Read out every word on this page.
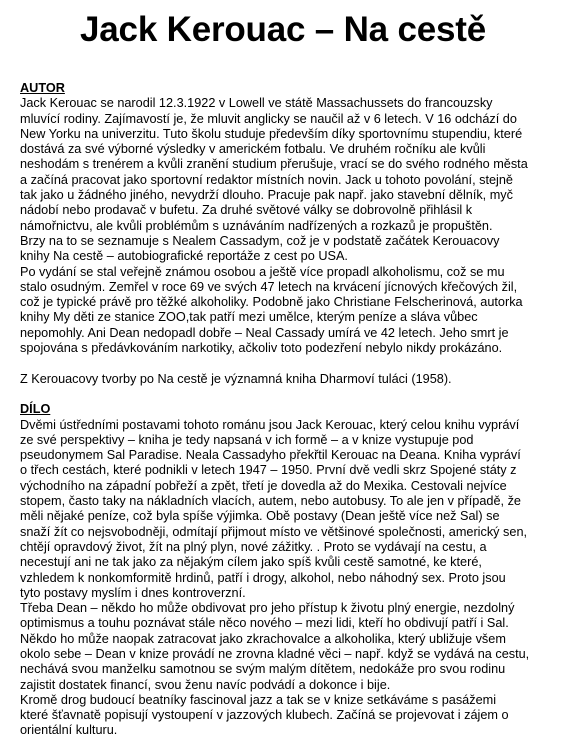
Jack Kerouac – Na cestě
AUTOR
Jack Kerouac se narodil 12.3.1922 v Lowell ve státě Massachussets do francouzsky
mluvící rodiny. Zajímavostí je, že mluvit anglicky se naučil až v 6 letech. V 16 odchází do
New Yorku na univerzitu. Tuto školu studuje především díky sportovnímu stupendiu, které
dostává za své výborné výsledky v americkém fotbalu. Ve druhém ročníku ale kvůli
neshodám s trenérem a kvůli zranění studium přerušuje, vrací se do svého rodného města
a začíná pracovat jako sportovní redaktor místních novin. Jack u tohoto povolání, stejně
tak jako u žádného jiného, nevydrží dlouho. Pracuje pak např. jako stavební dělník, myč
nádobí nebo prodavač v bufetu. Za druhé světové války se dobrovolně přihlásil k
námořnictvu, ale kvůli problémům s uznáváním nadřízených a rozkazů je propuštěn.
Brzy na to se seznamuje s Nealem Cassadym, což je v podstatě začátek Kerouacovy
knihy Na cestě – autobiografické reportáže z cest po USA.
Po vydání se stal veřejně známou osobou a ještě více propadl alkoholismu, což se mu
stalo osudným. Zemřel v roce 69 ve svých 47 letech na krvácení jícnových křečových žil,
což je typické právě pro těžké alkoholiky. Podobně jako Christiane Felscherinová, autorka
knihy My děti ze stanice ZOO,tak patří mezi umělce, kterým peníze a sláva vůbec
nepomohly. Ani Dean nedopadl dobře – Neal Cassady umírá ve 42 letech. Jeho smrt je
spojována s předávkováním narkotiky, ačkoliv toto podezření nebylo nikdy prokázáno.
Z Kerouacovy tvorby po Na cestě je významná kniha Dharmoví tuláci (1958).
DÍLO
Dvěmi ústředními postavami tohoto románu jsou Jack Kerouac, který celou knihu vypráví
ze své perspektivy – kniha je tedy napsaná v ich formě – a v knize vystupuje pod
pseudonymem Sal Paradise. Neala Cassadyho překřtil Kerouac na Deana. Kniha vypráví
o třech cestách, které podnikli v letech 1947 – 1950. První dvě vedli skrz Spojené státy z
východního na západní pobřeží a zpět, třetí je dovedla až do Mexika. Cestovali nejvíce
stopem, často taky na nákladních vlacích, autem, nebo autobusy. To ale jen v případě, že
měli nějaké peníze, což byla spíše výjimka. Obě postavy (Dean ještě více než Sal) se
snaží žít co nejsvobodněji, odmítají přijmout místo ve většinové společnosti, americký sen,
chtějí opravdový život, žít na plný plyn, nové zážitky. . Proto se vydávají na cestu, a
necestují ani ne tak jako za nějakým cílem jako spíš kvůli cestě samotné, ke které,
vzhledem k nonkomformitě hrdinů, patří i drogy, alkohol, nebo náhodný sex. Proto jsou
tyto postavy myslím i dnes kontroverzní.
Třeba Dean – někdo ho může obdivovat pro jeho přístup k životu plný energie, nezdolný
optimismus a touhu poznávat stále něco nového – mezi lidi, kteří ho obdivují patří i Sal.
Někdo ho může naopak zatracovat jako zkrachovalce a alkoholika, který ubližuje všem
okolo sebe – Dean v knize provádí ne zrovna kladné věci – např. když se vydává na cestu,
nechává svou manželku samotnou se svým malým dítětem, nedokáže pro svou rodinu
zajistit dostatek financí, svou ženu navíc podvádí a dokonce i bije.
Kromě drog budoucí beatníky fascinoval jazz a tak se v knize setkáváme s pasážemi
které šťavnatě popisují vystoupení v jazzových klubech. Začíná se projevovat i zájem o
orientální kulturu.
